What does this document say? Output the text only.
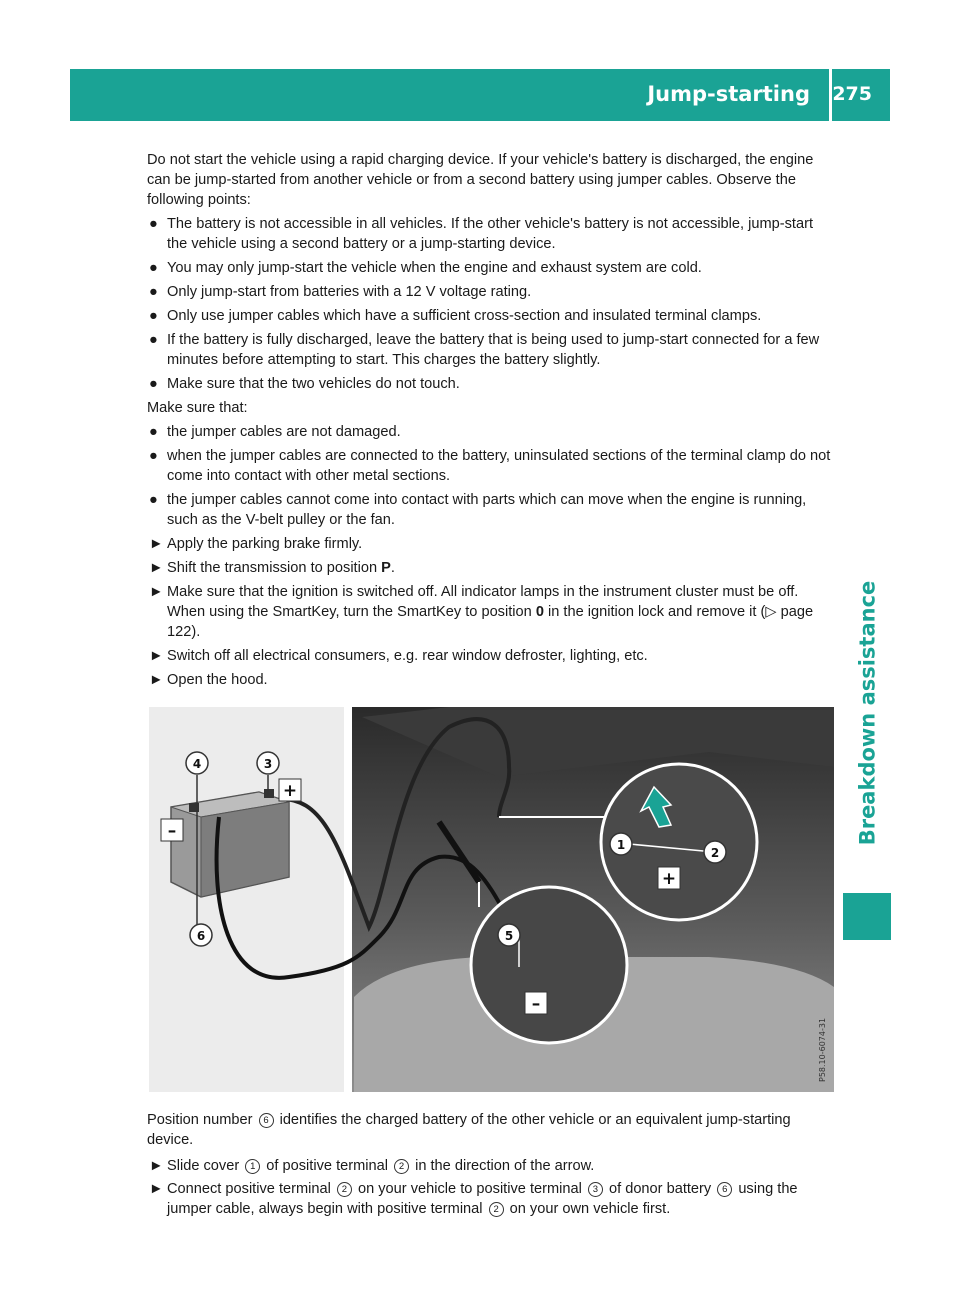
Jump-starting 275
Breakdown assistance

Do not start the vehicle using a rapid charging device. If your vehicle's battery is discharged, the engine can be jump-started from another vehicle or from a second battery using jumper cables. Observe the following points:

● The battery is not accessible in all vehicles. If the other vehicle's battery is not accessible, jump-start the vehicle using a second battery or a jump-starting device.
● You may only jump-start the vehicle when the engine and exhaust system are cold.
● Only jump-start from batteries with a 12 V voltage rating.
● Only use jumper cables which have a sufficient cross-section and insulated terminal clamps.
● If the battery is fully discharged, leave the battery that is being used to jump-start connected for a few minutes before attempting to start. This charges the battery slightly.
● Make sure that the two vehicles do not touch.

Make sure that:

● the jumper cables are not damaged.
● when the jumper cables are connected to the battery, uninsulated sections of the terminal clamp do not come into contact with other metal sections.
● the jumper cables cannot come into contact with parts which can move when the engine is running, such as the V-belt pulley or the fan.
► Apply the parking brake firmly.
► Shift the transmission to position P.
► Make sure that the ignition is switched off. All indicator lamps in the instrument cluster must be off. When using the SmartKey, turn the SmartKey to position 0 in the ignition lock and remove it (▷ page 122).
► Switch off all electrical consumers, e.g. rear window defroster, lighting, etc.
► Open the hood.
+
–
+
–
4	3
6
1
2
5
P58.10-6074-31

Position number 6 identifies the charged battery of the other vehicle or an equivalent jump-starting device.

► Slide cover 1 of positive terminal 2 in the direction of the arrow.
► Connect positive terminal 2 on your vehicle to positive terminal 3 of donor battery 6 using the jumper cable, always begin with positive terminal 2 on your own vehicle first.
